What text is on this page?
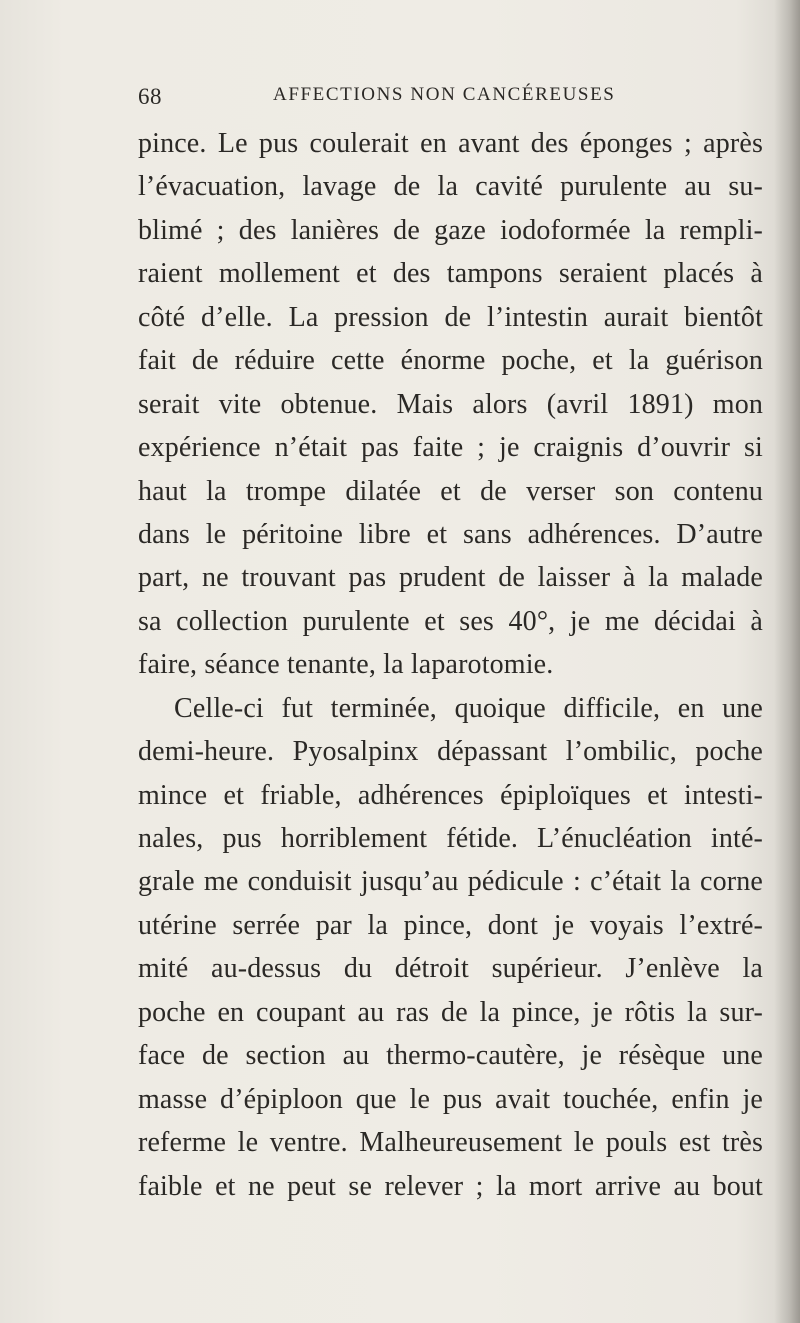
68	AFFECTIONS NON CANCÉREUSES
pince. Le pus coulerait en avant des éponges ; après
l’évacuation, lavage de la cavité purulente au su-
blimé ; des lanières de gaze iodoformée la rempli-
raient mollement et des tampons seraient placés à
côté d’elle. La pression de l’intestin aurait bientôt
fait de réduire cette énorme poche, et la guérison
serait vite obtenue. Mais alors (avril 1891) mon
expérience n’était pas faite ; je craignis d’ouvrir si
haut la trompe dilatée et de verser son contenu
dans le péritoine libre et sans adhérences. D’autre
part, ne trouvant pas prudent de laisser à la malade
sa collection purulente et ses 40°, je me décidai à
faire, séance tenante, la laparotomie.
Celle-ci fut terminée, quoique difficile, en une
demi-heure. Pyosalpinx dépassant l’ombilic, poche
mince et friable, adhérences épiploïques et intesti-
nales, pus horriblement fétide. L’énucléation inté-
grale me conduisit jusqu’au pédicule : c’était la corne
utérine serrée par la pince, dont je voyais l’extré-
mité au-dessus du détroit supérieur. J’enlève la
poche en coupant au ras de la pince, je rôtis la sur-
face de section au thermo-cautère, je résèque une
masse d’épiploon que le pus avait touchée, enfin je
referme le ventre. Malheureusement le pouls est très
faible et ne peut se relever ; la mort arrive au bout
